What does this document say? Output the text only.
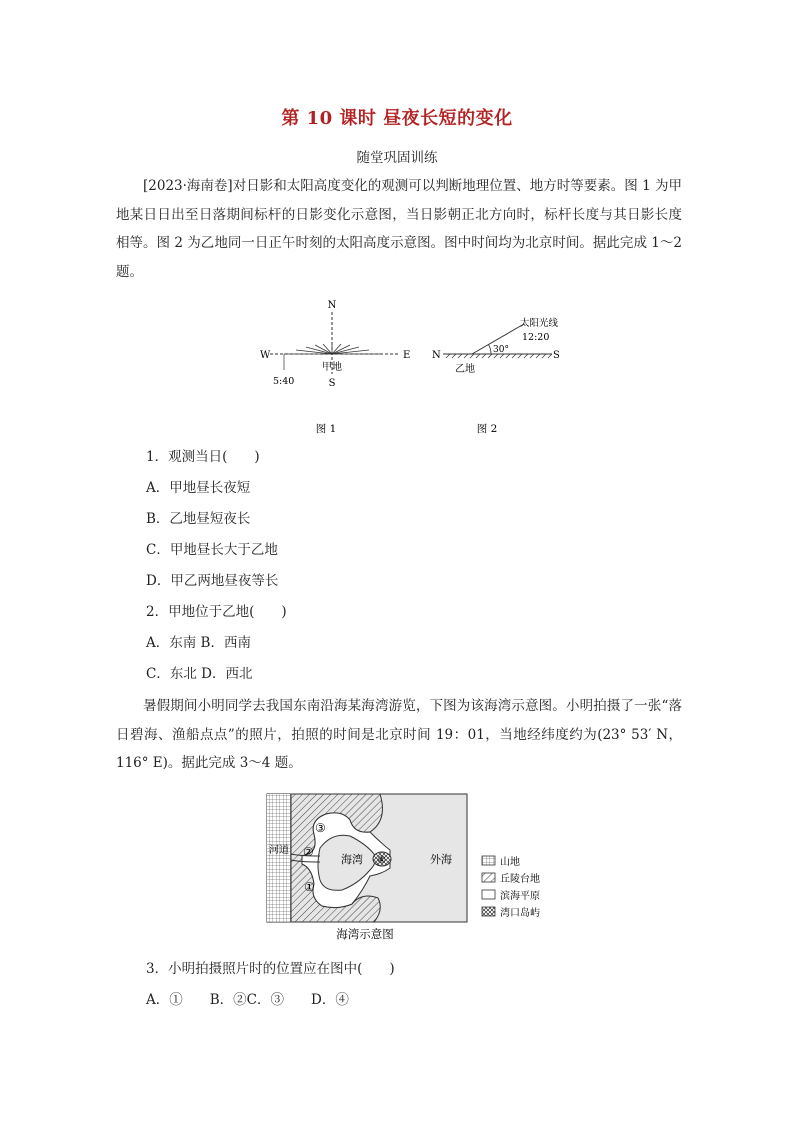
第 10 课时 昼夜长短的变化
随堂巩固训练
[2023·海南卷]对日影和太阳高度变化的观测可以判断地理位置、地方时等要素。图 1 为甲地某日日出至日落期间标杆的日影变化示意图，当日影朝正北方向时，标杆长度与其日影长度相等。图 2 为乙地同一日正午时刻的太阳高度示意图。图中时间均为北京时间。据此完成 1～2 题。
N
S
W	E
5:40
甲地
图 1
30°
太阳光线
12:20
N	S
乙地
图 2
1．观测当日(　　)
A．甲地昼长夜短
B．乙地昼短夜长
C．甲地昼长大于乙地
D．甲乙两地昼夜等长
2．甲地位于乙地(　　)
A．东南 B．西南
C．东北 D．西北
暑假期间小明同学去我国东南沿海某海湾游览，下图为该海湾示意图。小明拍摄了一张“落日碧海、渔船点点”的照片，拍照的时间是北京时间 19：01，当地经纬度约为(23° 53′ N，116° E)。据此完成 3～4 题。
河道
海湾	外海
①
②
③
④
海湾示意图
山地
丘陵台地
滨海平原
湾口岛屿
3．小明拍摄照片时的位置应在图中(　　)
A．①　　B．②C．③　　D．④
